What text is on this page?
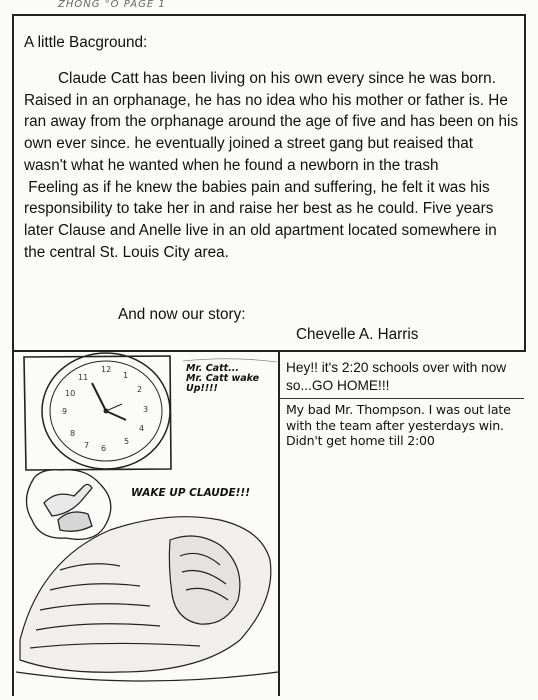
ZHONG °O PAGE 1
A little Bacground:
Claude Catt has been living on his own every since he was born. Raised in an orphanage, he has no idea who his mother or father is. He ran away from the orphanage around the age of five and has been on his own ever since. he eventually joined a street gang but reaised that wasn't what he wanted when he found a newborn in the trash
Feeling as if he knew the babies pain and suffering, he felt it was his responsibility to take her in and raise her best as he could. Five years later Clause and Anelle live in an old apartment located somewhere in the central St. Louis City area.
And now our story:
Chevelle A. Harris
12
1
2
3
4
5
6
7
8
9
10
11
Mr. Catt...
Mr. Catt wake
Up!!!!
WAKE UP CLAUDE!!!
Hey!! it's 2:20 schools over with now so...GO HOME!!!
My bad Mr. Thompson. I was out late with the team after yesterdays win. Didn't get home till 2:00
